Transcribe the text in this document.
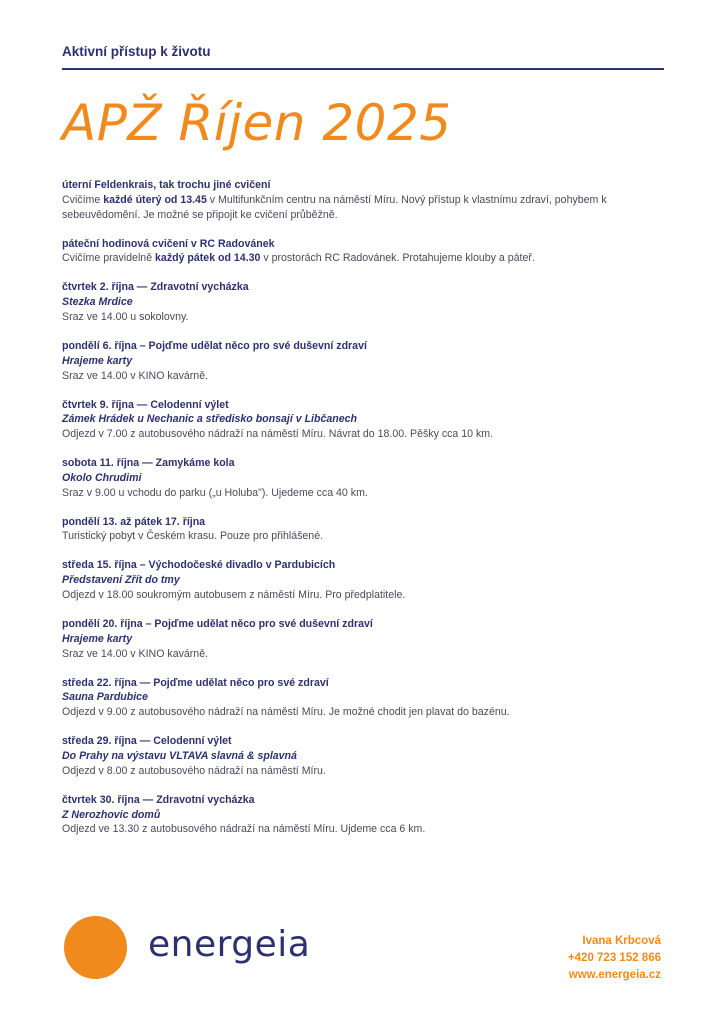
Aktivní přístup k životu
APŽ Říjen 2025
úterní Feldenkrais, tak trochu jiné cvičení
Cvičíme každé úterý od 13.45 v Multifunkčním centru na náměstí Míru. Nový přístup k vlastnímu zdraví, pohybem k sebeuvědomění. Je možné se připojit ke cvičení průběžně.
páteční hodinová cvičení v RC Radovánek
Cvičíme pravidelně každý pátek od 14.30 v prostorách RC Radovánek. Protahujeme klouby a páteř.
čtvrtek 2. října — Zdravotní vycházka
Stezka Mrdice
Sraz ve 14.00 u sokolovny.
pondělí 6. října – Pojďme udělat něco pro své duševní zdraví
Hrajeme karty
Sraz ve 14.00 v KINO kavárně.
čtvrtek 9. října — Celodenní výlet
Zámek Hrádek u Nechanic a středisko bonsají v Libčanech
Odjezd v 7.00 z autobusového nádraží na náměstí Míru. Návrat do 18.00. Pěšky cca 10 km.
sobota 11. října — Zamykáme kola
Okolo Chrudimi
Sraz v 9.00 u vchodu do parku („u Holuba"). Ujedeme cca 40 km.
pondělí 13. až pátek 17. října
Turistický pobyt v Českém krasu. Pouze pro přihlášené.
středa 15. října – Východočeské divadlo v Pardubicích
Představení Zřít do tmy
Odjezd v 18.00 soukromým autobusem z náměstí Míru. Pro předplatitele.
pondělí 20. října – Pojďme udělat něco pro své duševní zdraví
Hrajeme karty
Sraz ve 14.00 v KINO kavárně.
středa 22. října — Pojďme udělat něco pro své zdraví
Sauna Pardubice
Odjezd v 9.00 z autobusového nádraží na náměstí Míru. Je možné chodit jen plavat do bazénu.
středa 29. října — Celodenní výlet
Do Prahy na výstavu VLTAVA slavná & splavná
Odjezd v 8.00 z autobusového nádraží na náměstí Míru.
čtvrtek 30. října — Zdravotní vycházka
Z Nerozhovic domů
Odjezd ve 13.30 z autobusového nádraží na náměstí Míru. Ujdeme cca 6 km.
energeia	Ivana Krbcová
+420 723 152 866
www.energeia.cz
